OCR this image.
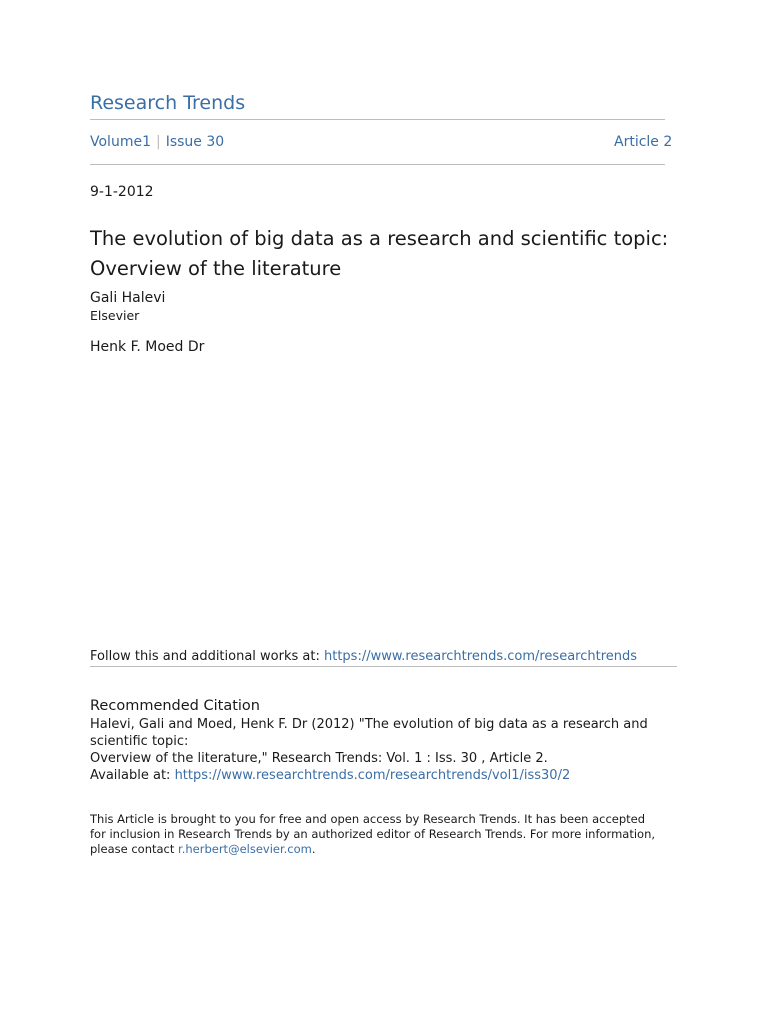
Research Trends
Volume1 | Issue 30	Article 2
9-1-2012
The evolution of big data as a research and scientific topic: Overview of the literature
Gali Halevi
Elsevier
Henk F. Moed Dr
Follow this and additional works at: https://www.researchtrends.com/researchtrends
Recommended Citation
Halevi, Gali and Moed, Henk F. Dr (2012) "The evolution of big data as a research and
scientific topic:
Overview of the literature," Research Trends: Vol. 1 : Iss. 30 , Article 2.
Available at: https://www.researchtrends.com/researchtrends/vol1/iss30/2
This Article is brought to you for free and open access by Research Trends. It has been accepted
for inclusion in Research Trends by an authorized editor of Research Trends. For more information,
please contact r.herbert@elsevier.com.
